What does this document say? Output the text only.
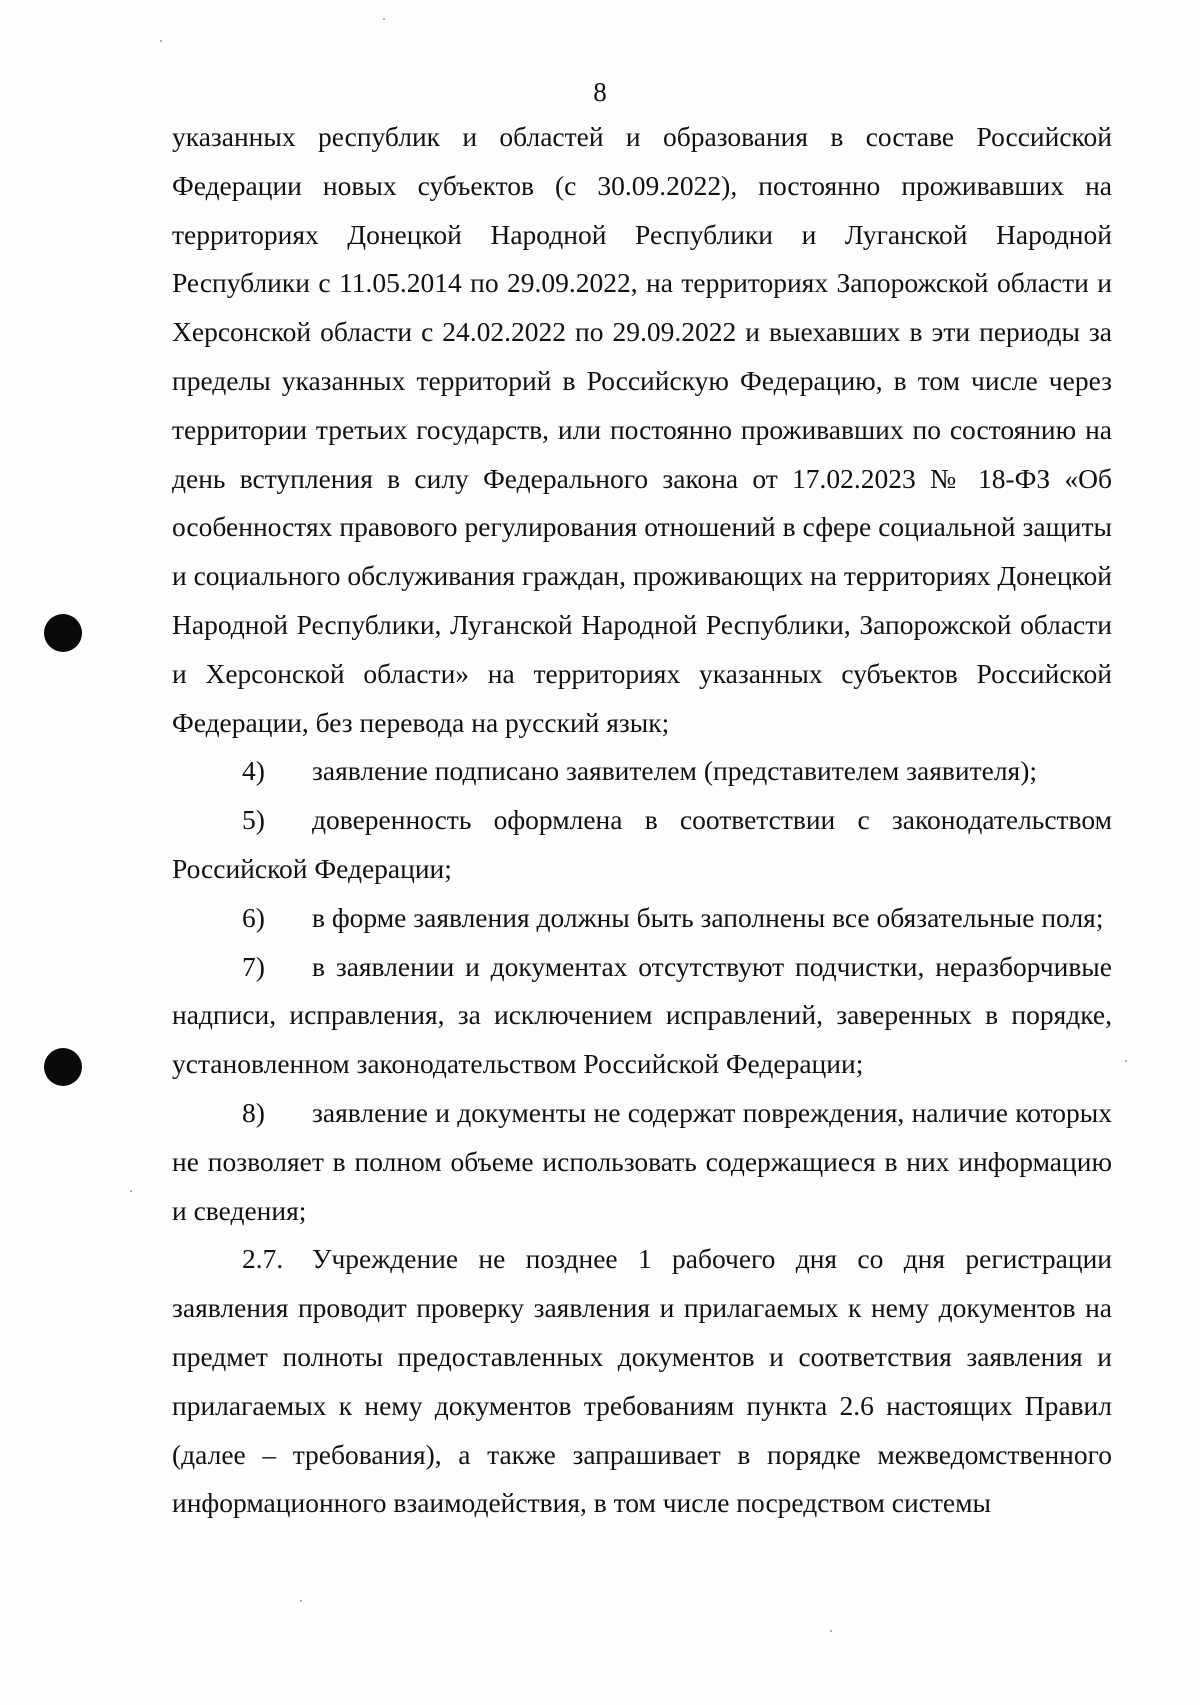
8

указанных республик и областей и образования в составе Российской Федерации новых субъектов (с 30.09.2022), постоянно проживавших на территориях Донецкой Народной Республики и Луганской Народной Республики с 11.05.2014 по 29.09.2022, на территориях Запорожской области и Херсонской области с 24.02.2022 по 29.09.2022 и выехавших в эти периоды за пределы указанных территорий в Российскую Федерацию, в том числе через территории третьих государств, или постоянно проживавших по состоянию на день вступления в силу Федерального закона от 17.02.2023 № 18-ФЗ «Об особенностях правового регулирования отношений в сфере социальной защиты и социального обслуживания граждан, проживающих на территориях Донецкой Народной Республики, Луганской Народной Республики, Запорожской области и Херсонской области» на территориях указанных субъектов Российской Федерации, без перевода на русский язык;

4) заявление подписано заявителем (представителем заявителя);

5) доверенность оформлена в соответствии с законодательством Российской Федерации;

6) в форме заявления должны быть заполнены все обязательные поля;

7) в заявлении и документах отсутствуют подчистки, неразборчивые надписи, исправления, за исключением исправлений, заверенных в порядке, установленном законодательством Российской Федерации;

8) заявление и документы не содержат повреждения, наличие которых не позволяет в полном объеме использовать содержащиеся в них информацию и сведения;

2.7. Учреждение не позднее 1 рабочего дня со дня регистрации заявления проводит проверку заявления и прилагаемых к нему документов на предмет полноты предоставленных документов и соответствия заявления и прилагаемых к нему документов требованиям пункта 2.6 настоящих Правил (далее – требования), а также запрашивает в порядке межведомственного информационного взаимодействия, в том числе посредством системы
